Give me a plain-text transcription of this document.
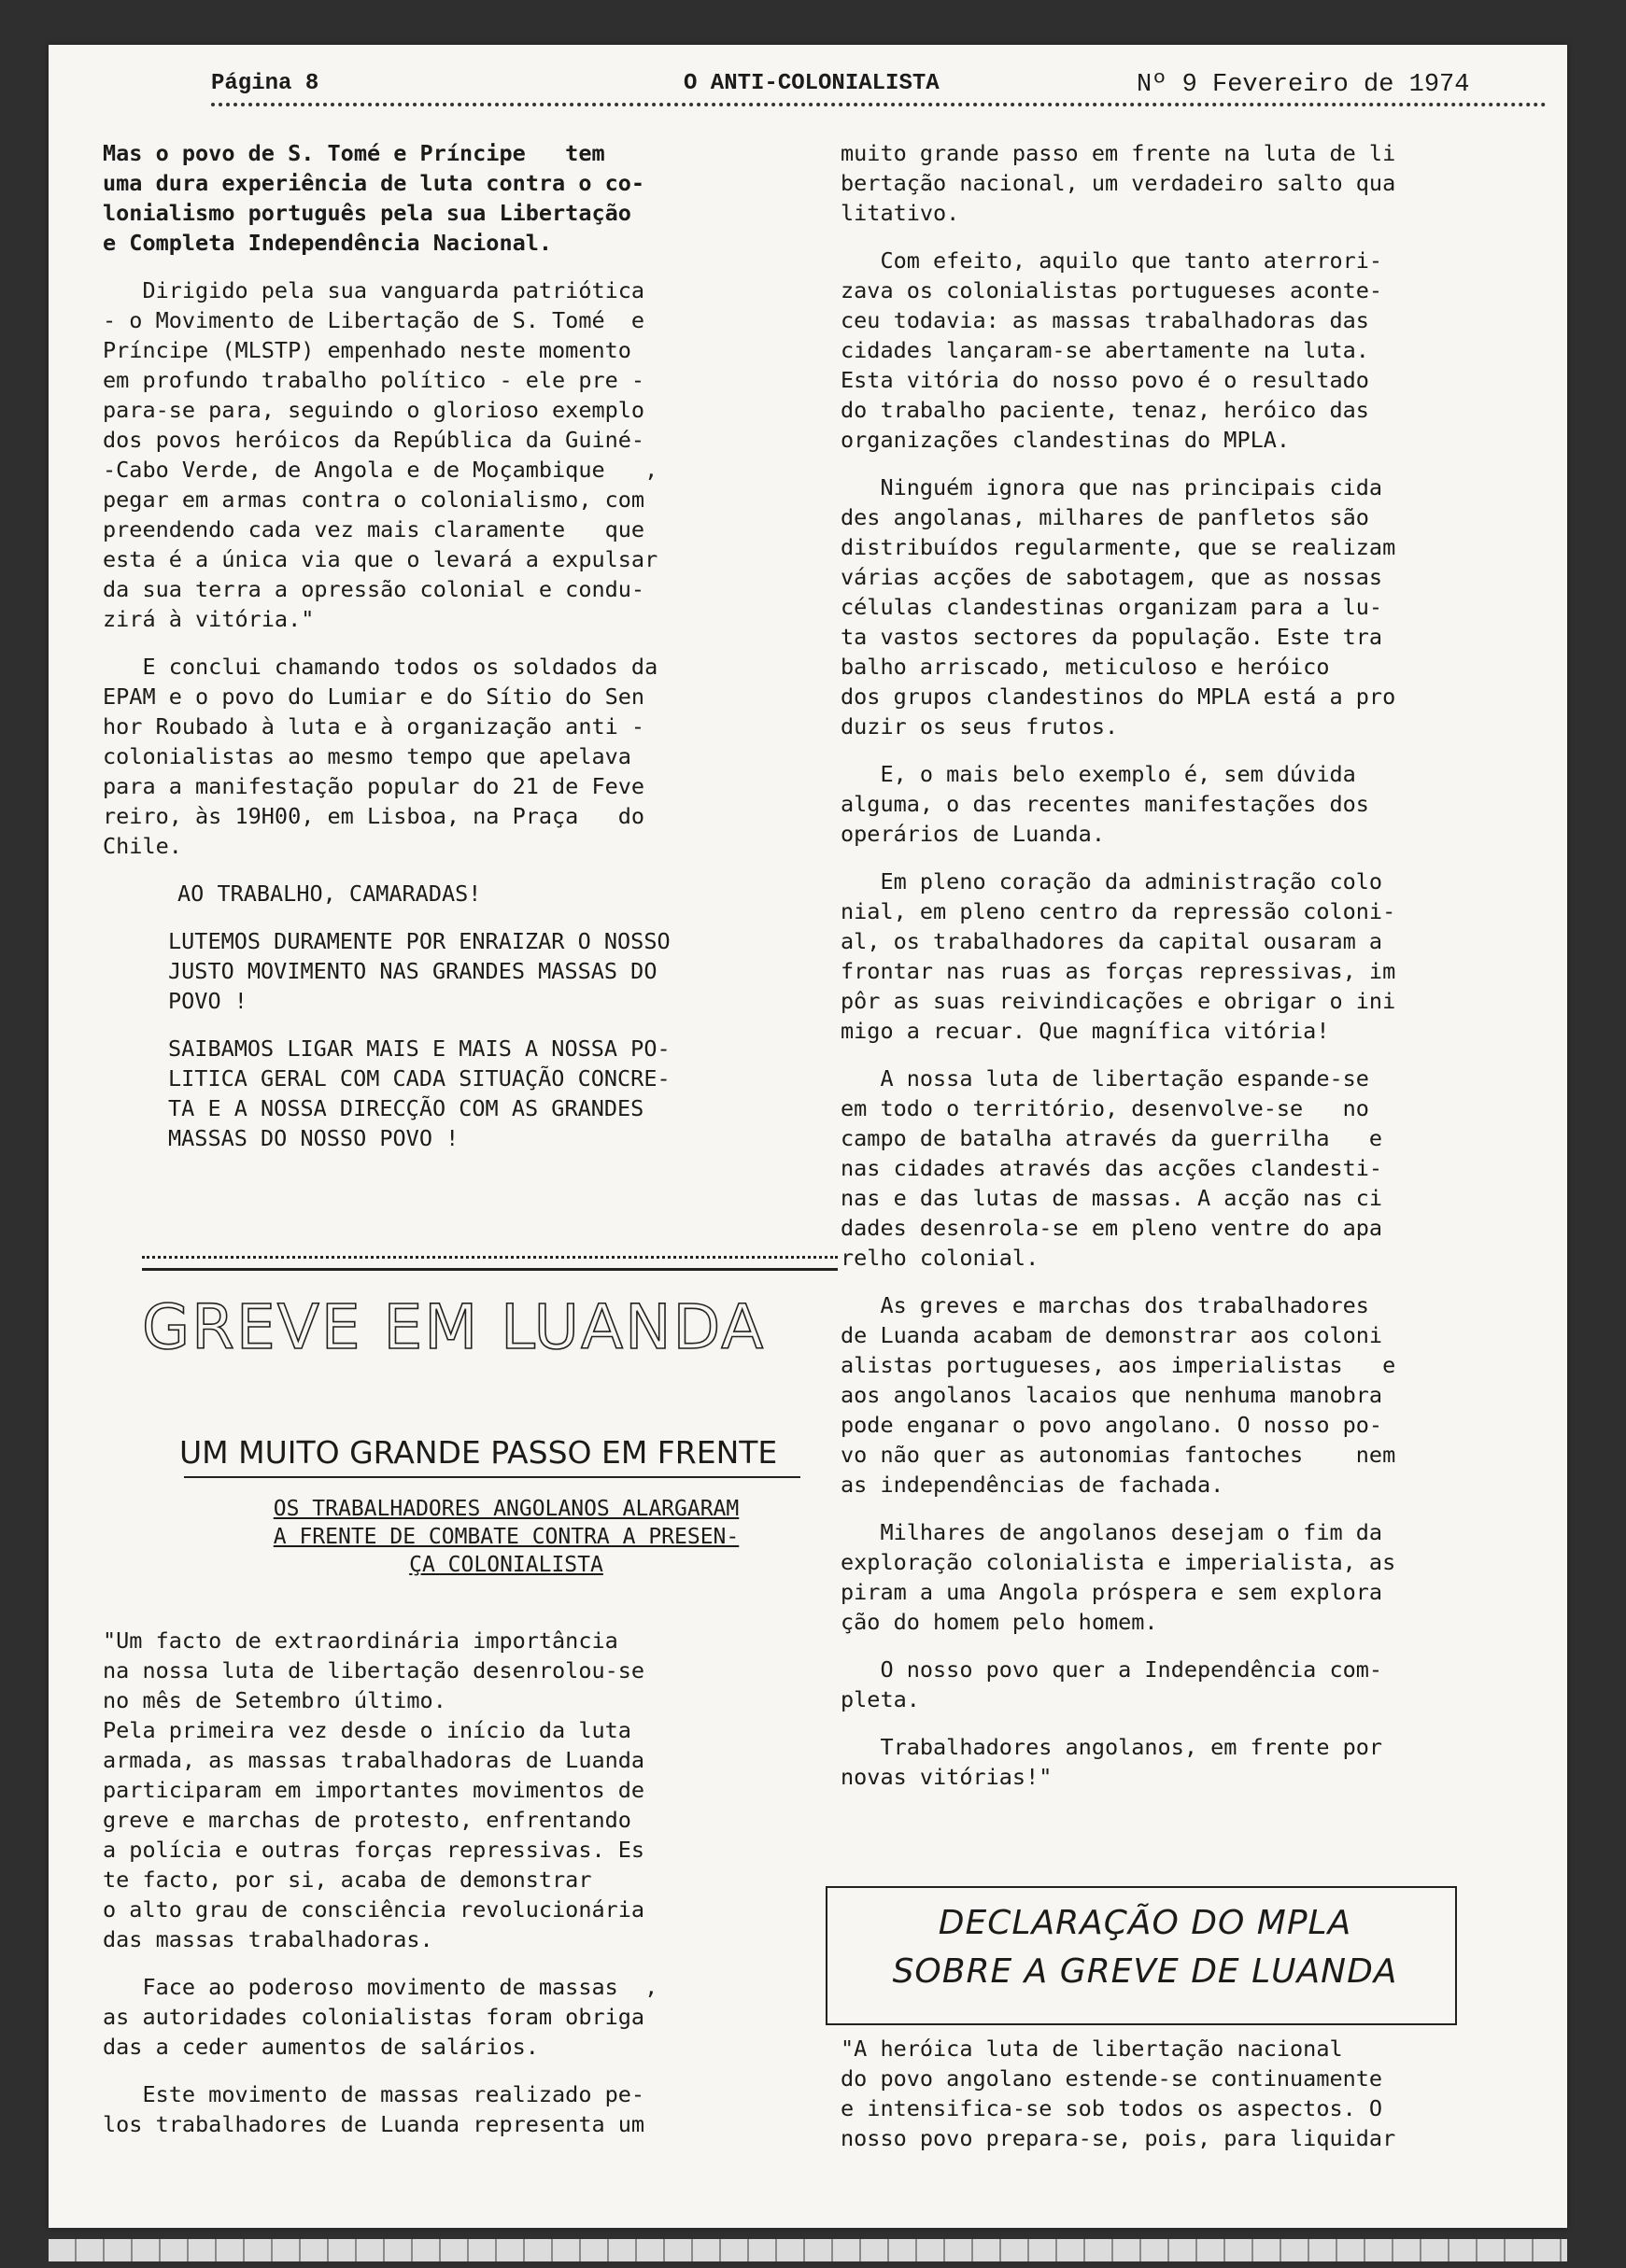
Página 8	O ANTI-COLONIALISTA	Nº 9 Fevereiro de 1974

Mas o povo de S. Tomé e Príncipe   tem
uma dura experiência de luta contra o co-
lonialismo português pela sua Libertação
e Completa Independência Nacional.

Dirigido pela sua vanguarda patriótica
- o Movimento de Libertação de S. Tomé  e
Príncipe (MLSTP) empenhado neste momento
em profundo trabalho político - ele pre -
para-se para, seguindo o glorioso exemplo
dos povos heróicos da República da Guiné-
-Cabo Verde, de Angola e de Moçambique   ,
pegar em armas contra o colonialismo, com
preendendo cada vez mais claramente   que
esta é a única via que o levará a expulsar
da sua terra a opressão colonial e condu-
zirá à vitória."

E conclui chamando todos os soldados da
EPAM e o povo do Lumiar e do Sítio do Sen
hor Roubado à luta e à organização anti -
colonialistas ao mesmo tempo que apelava
para a manifestação popular do 21 de Feve
reiro, às 19H00, em Lisboa, na Praça   do
Chile.

AO TRABALHO, CAMARADAS!

LUTEMOS DURAMENTE POR ENRAIZAR O NOSSO
JUSTO MOVIMENTO NAS GRANDES MASSAS DO
POVO !

SAIBAMOS LIGAR MAIS E MAIS A NOSSA PO-
LITICA GERAL COM CADA SITUAÇÃO CONCRE-
TA E A NOSSA DIRECÇÃO COM AS GRANDES
MASSAS DO NOSSO POVO !

GREVE EM LUANDA
UM MUITO GRANDE PASSO EM FRENTE
OS TRABALHADORES ANGOLANOS ALARGARAM
A FRENTE DE COMBATE CONTRA A PRESEN-
ÇA COLONIALISTA

"Um facto de extraordinária importância
na nossa luta de libertação desenrolou-se
no mês de Setembro último.
Pela primeira vez desde o início da luta
armada, as massas trabalhadoras de Luanda
participaram em importantes movimentos de
greve e marchas de protesto, enfrentando
a polícia e outras forças repressivas. Es
te facto, por si, acaba de demonstrar
o alto grau de consciência revolucionária
das massas trabalhadoras.

Face ao poderoso movimento de massas  ,
as autoridades colonialistas foram obriga
das a ceder aumentos de salários.

Este movimento de massas realizado pe-
los trabalhadores de Luanda representa um

muito grande passo em frente na luta de li
bertação nacional, um verdadeiro salto qua
litativo.

Com efeito, aquilo que tanto aterrori-
zava os colonialistas portugueses aconte-
ceu todavia: as massas trabalhadoras das
cidades lançaram-se abertamente na luta.
Esta vitória do nosso povo é o resultado
do trabalho paciente, tenaz, heróico das
organizações clandestinas do MPLA.

Ninguém ignora que nas principais cida
des angolanas, milhares de panfletos são
distribuídos regularmente, que se realizam
várias acções de sabotagem, que as nossas
células clandestinas organizam para a lu-
ta vastos sectores da população. Este tra
balho arriscado, meticuloso e heróico
dos grupos clandestinos do MPLA está a pro
duzir os seus frutos.

E, o mais belo exemplo é, sem dúvida
alguma, o das recentes manifestações dos
operários de Luanda.

Em pleno coração da administração colo
nial, em pleno centro da repressão coloni-
al, os trabalhadores da capital ousaram a
frontar nas ruas as forças repressivas, im
pôr as suas reivindicações e obrigar o ini
migo a recuar. Que magnífica vitória!

A nossa luta de libertação espande-se
em todo o território, desenvolve-se   no
campo de batalha através da guerrilha   e
nas cidades através das acções clandesti-
nas e das lutas de massas. A acção nas ci
dades desenrola-se em pleno ventre do apa
relho colonial.

As greves e marchas dos trabalhadores
de Luanda acabam de demonstrar aos coloni
alistas portugueses, aos imperialistas   e
aos angolanos lacaios que nenhuma manobra
pode enganar o povo angolano. O nosso po-
vo não quer as autonomias fantoches    nem
as independências de fachada.

Milhares de angolanos desejam o fim da
exploração colonialista e imperialista, as
piram a uma Angola próspera e sem explora
ção do homem pelo homem.

O nosso povo quer a Independência com-
pleta.

Trabalhadores angolanos, em frente por
novas vitórias!"

DECLARAÇÃO DO MPLA
SOBRE A GREVE DE LUANDA

"A heróica luta de libertação nacional
do povo angolano estende-se continuamente
e intensifica-se sob todos os aspectos. O
nosso povo prepara-se, pois, para liquidar
